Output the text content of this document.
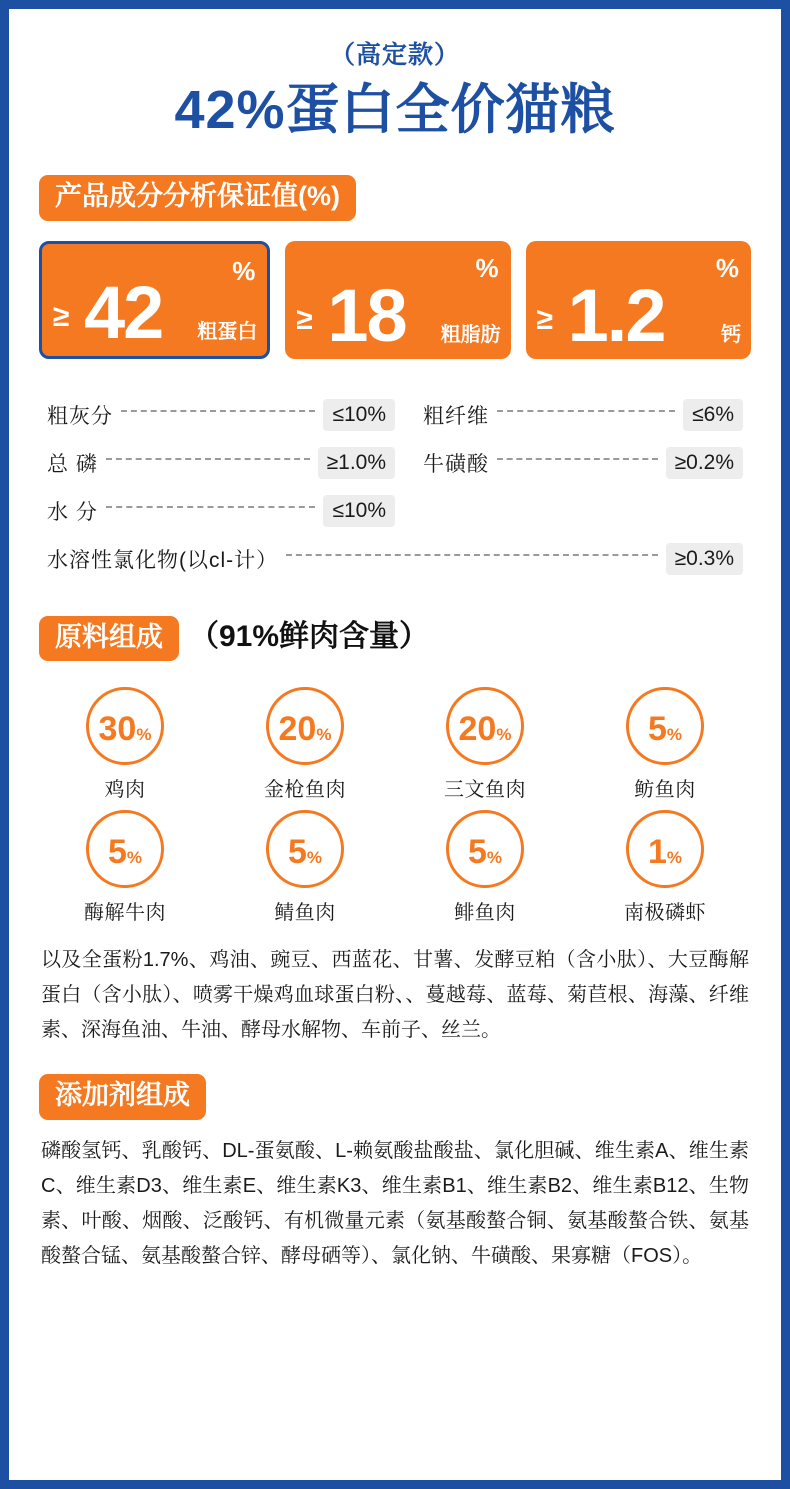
（高定款）
42%蛋白全价猫粮
产品成分分析保证值(%)
≥ 42	%
粗蛋白 ≥ 18
%
粗脂肪 ≥ 1.2
%
钙
粗灰分	≤10%
总 磷	≥1.0%
水 分	≤10%
粗纤维	≤6%
牛磺酸	≥0.2%
水溶性氯化物(以cl-计）	≥0.3%
原料组成 （91%鲜肉含量）
30 %
鸡肉
20 %
金枪鱼肉
20 %
三文鱼肉
5 %
鲂鱼肉
5 %
酶解牛肉
5 %
鲭鱼肉
5 %
鲱鱼肉
1 %
南极磷虾
以及全蛋粉1.7%、鸡油、豌豆、西蓝花、甘薯、发酵豆粕（含小肽）、大豆酶解蛋白（含小肽）、喷雾干燥鸡血球蛋白粉、、蔓越莓、蓝莓、菊苣根、海藻、纤维素、深海鱼油、牛油、酵母水解物、车前子、丝兰。
添加剂组成
磷酸氢钙、乳酸钙、DL-蛋氨酸、L-赖氨酸盐酸盐、氯化胆碱、维生素A、维生素C、维生素D3、维生素E、维生素K3、维生素B1、维生素B2、维生素B12、生物素、叶酸、烟酸、泛酸钙、有机微量元素（氨基酸螯合铜、氨基酸螯合铁、氨基酸螯合锰、氨基酸螯合锌、酵母硒等）、氯化钠、牛磺酸、果寡糖（FOS）。
